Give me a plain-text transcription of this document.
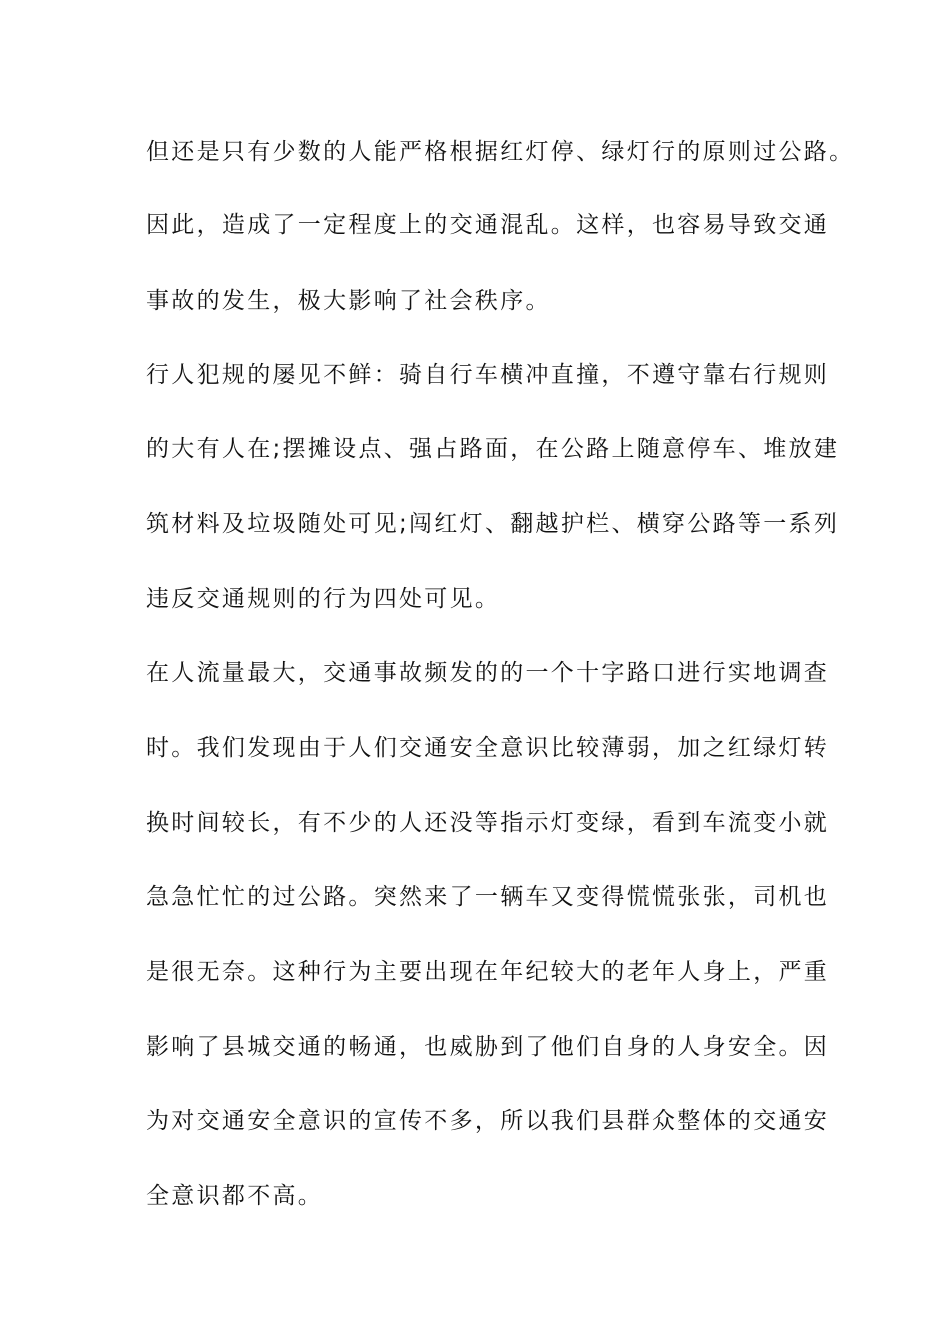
但还是只有少数的人能严格根据红灯停、绿灯行的原则过公路。
因此，造成了一定程度上的交通混乱。这样，也容易导致交通
事故的发生，极大影响了社会秩序。
行人犯规的屡见不鲜：骑自行车横冲直撞，不遵守靠右行规则
的大有人在;摆摊设点、强占路面，在公路上随意停车、堆放建
筑材料及垃圾随处可见;闯红灯、翻越护栏、横穿公路等一系列
违反交通规则的行为四处可见。
在人流量最大，交通事故频发的的一个十字路口进行实地调查
时。我们发现由于人们交通安全意识比较薄弱，加之红绿灯转
换时间较长，有不少的人还没等指示灯变绿，看到车流变小就
急急忙忙的过公路。突然来了一辆车又变得慌慌张张，司机也
是很无奈。这种行为主要出现在年纪较大的老年人身上，严重
影响了县城交通的畅通，也威胁到了他们自身的人身安全。因
为对交通安全意识的宣传不多，所以我们县群众整体的交通安
全意识都不高。
